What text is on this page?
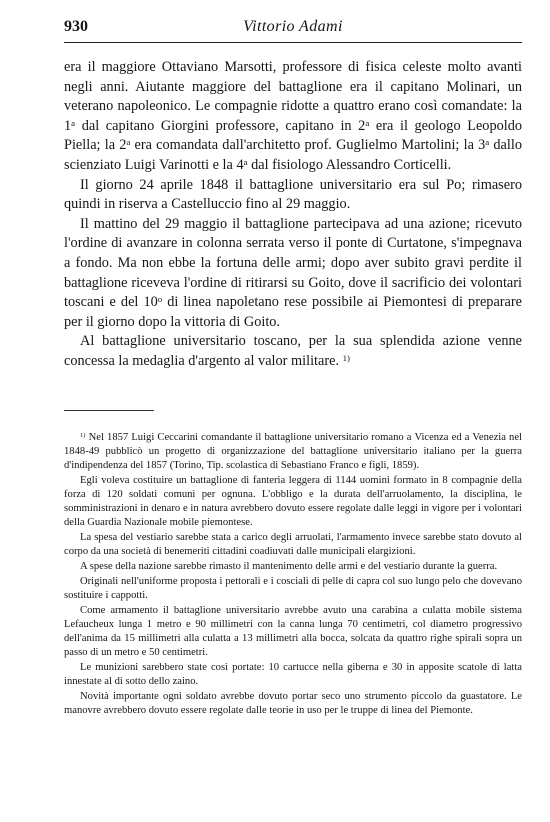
930	Vittorio Adami

era il maggiore Ottaviano Marsotti, professore di fisica celeste molto avanti negli anni. Aiutante maggiore del battaglione era il capitano Molinari, un veterano napoleonico. Le compagnie ridotte a quattro erano così comandate: la 1$^a$ dal capitano Giorgini professore, capitano in 2$^a$ era il geologo Leopoldo Piella; la 2$^a$ era comandata dall'architetto prof. Guglielmo Martolini; la 3$^a$ dallo scienziato Luigi Varinotti e la 4$^a$ dal fisiologo Alessandro Corticelli.

Il giorno 24 aprile 1848 il battaglione universitario era sul Po; rimasero quindi in riserva a Castelluccio fino al 29 maggio.

Il mattino del 29 maggio il battaglione partecipava ad una azione; ricevuto l'ordine di avanzare in colonna serrata verso il ponte di Curtatone, s'impegnava a fondo. Ma non ebbe la fortuna delle armi; dopo aver subito gravi perdite il battaglione riceveva l'ordine di ritirarsi su Goito, dove il sacrificio dei volontari toscani e del 10$^o$ di linea napoletano rese possibile ai Piemontesi di preparare per il giorno dopo la vittoria di Goito.

Al battaglione universitario toscano, per la sua splendida azione venne concessa la medaglia d'argento al valor militare. $^{1)}$

$^{1)}$ Nel 1857 Luigi Ceccarini comandante il battaglione universitario romano a Vicenza ed a Venezia nel 1848-49 pubblicò un progetto di organizzazione del battaglione universitario italiano per la guerra d'indipendenza del 1857 (Torino, Tip. scolastica di Sebastiano Franco e figli, 1859).

Egli voleva costituire un battaglione di fanteria leggera di 1144 uomini formato in 8 compagnie della forza di 120 soldati comuni per ognuna. L'obbligo e la durata dell'arruolamento, la disciplina, le somministrazioni in denaro e in natura avrebbero dovuto essere regolate dalle leggi in vigore per i volontari della Guardia Nazionale mobile piemontese.

La spesa del vestiario sarebbe stata a carico degli arruolati, l'armamento invece sarebbe stato dovuto al corpo da una società di benemeriti cittadini coadiuvati dalle municipali elargizioni.

A spese della nazione sarebbe rimasto il mantenimento delle armi e del vestiario durante la guerra.

Originali nell'uniforme proposta i pettorali e i cosciali di pelle di capra col suo lungo pelo che dovevano sostituire i cappotti.

Come armamento il battaglione universitario avrebbe avuto una carabina a culatta mobile sistema Lefaucheux lunga 1 metro e 90 millimetri con la canna lunga 70 centimetri, col diametro progressivo dell'anima da 15 millimetri alla culatta a 13 millimetri alla bocca, solcata da quattro righe spirali sopra un passo di un metro e 50 centimetri.

Le munizioni sarebbero state così portate: 10 cartucce nella giberna e 30 in apposite scatole di latta innestate al di sotto dello zaino.

Novità importante ogni soldato avrebbe dovuto portar seco uno strumento piccolo da guastatore. Le manovre avrebbero dovuto essere regolate dalle teorie in uso per le truppe di linea del Piemonte.
